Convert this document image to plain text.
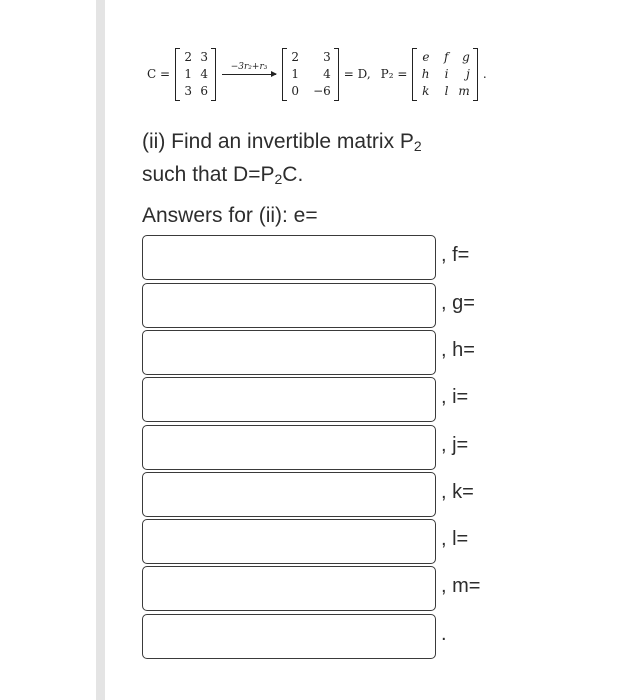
C =
2 3
1 4
3 6
−3r₂+r₃
2	3
1	4
0 −6
= D, P₂ =
e	f	g
h	i	j
k	l m
.
(ii) Find an invertible matrix $P_2$
such that $D=P_2C$.
Answers for (ii): e=
, f=
, g=
, h=
, i=
, j=
, k=
, l=
, m=
.
